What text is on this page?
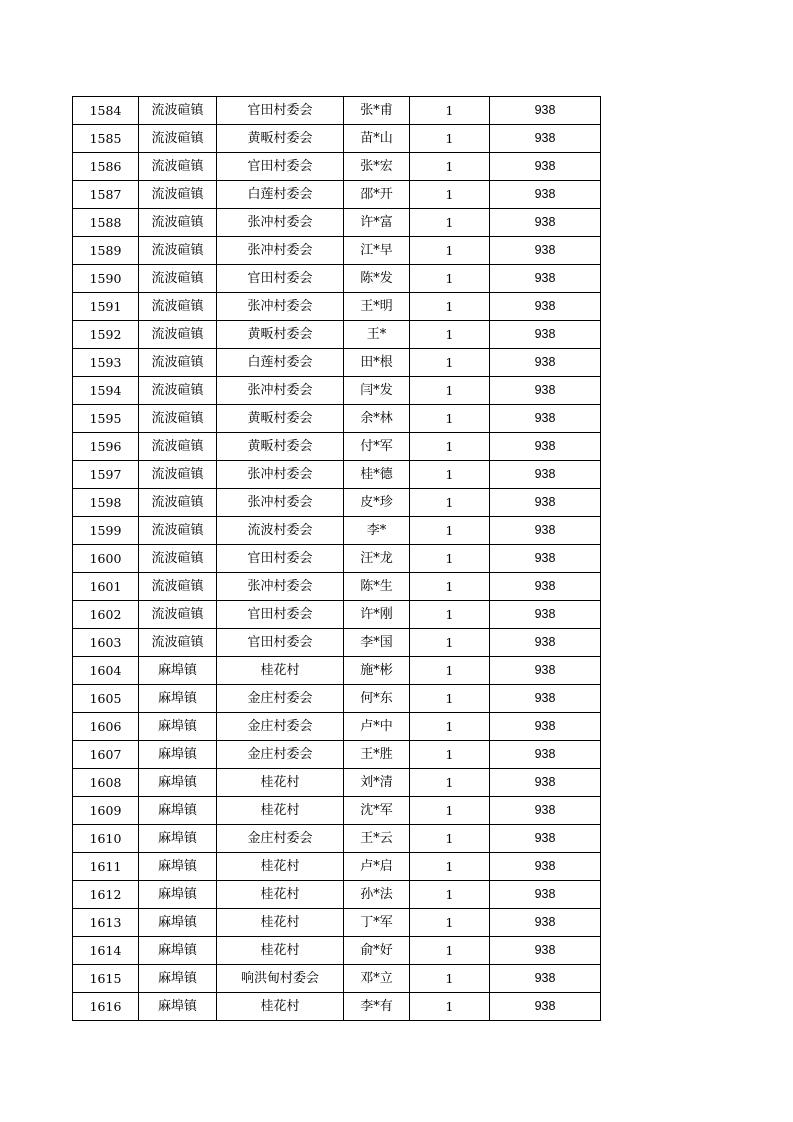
1584	流波碹镇	官田村委会	张*甫	1	938
1585	流波碹镇	黄畈村委会	苗*山	1	938
1586	流波碹镇	官田村委会	张*宏	1	938
1587	流波碹镇	白莲村委会	邵*开	1	938
1588	流波碹镇	张冲村委会	许*富	1	938
1589	流波碹镇	张冲村委会	江*早	1	938
1590	流波碹镇	官田村委会	陈*发	1	938
1591	流波碹镇	张冲村委会	王*明	1	938
1592	流波碹镇	黄畈村委会	王*	1	938
1593	流波碹镇	白莲村委会	田*根	1	938
1594	流波碹镇	张冲村委会	闫*发	1	938
1595	流波碹镇	黄畈村委会	余*林	1	938
1596	流波碹镇	黄畈村委会	付*军	1	938
1597	流波碹镇	张冲村委会	桂*德	1	938
1598	流波碹镇	张冲村委会	皮*珍	1	938
1599	流波碹镇	流波村委会	李*	1	938
1600	流波碹镇	官田村委会	汪*龙	1	938
1601	流波碹镇	张冲村委会	陈*生	1	938
1602	流波碹镇	官田村委会	许*刚	1	938
1603	流波碹镇	官田村委会	李*国	1	938
1604	麻埠镇	桂花村	施*彬	1	938
1605	麻埠镇	金庄村委会	何*东	1	938
1606	麻埠镇	金庄村委会	卢*中	1	938
1607	麻埠镇	金庄村委会	王*胜	1	938
1608	麻埠镇	桂花村	刘*清	1	938
1609	麻埠镇	桂花村	沈*军	1	938
1610	麻埠镇	金庄村委会	王*云	1	938
1611	麻埠镇	桂花村	卢*启	1	938
1612	麻埠镇	桂花村	孙*法	1	938
1613	麻埠镇	桂花村	丁*军	1	938
1614	麻埠镇	桂花村	俞*好	1	938
1615	麻埠镇	响洪甸村委会	邓*立	1	938
1616	麻埠镇	桂花村	李*有	1	938
